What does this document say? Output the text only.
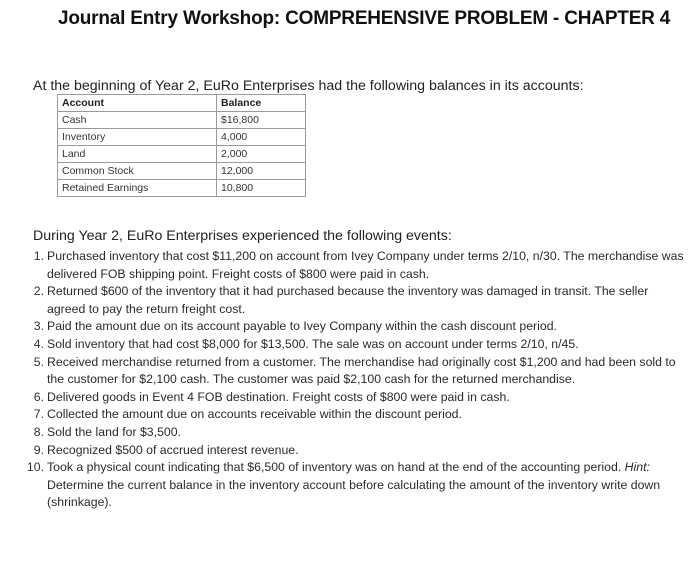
Journal Entry Workshop: COMPREHENSIVE PROBLEM - CHAPTER 4
At the beginning of Year 2, EuRo Enterprises had the following balances in its accounts:
Account	Balance
Cash	$16,800
Inventory	4,000
Land	2,000
Common Stock	12,000
Retained Earnings	10,800
During Year 2, EuRo Enterprises experienced the following events:
1. Purchased inventory that cost $11,200 on account from Ivey Company under terms 2/10, n/30. The merchandise was delivered FOB shipping point. Freight costs of $800 were paid in cash.
2. Returned $600 of the inventory that it had purchased because the inventory was damaged in transit. The seller agreed to pay the return freight cost.
3. Paid the amount due on its account payable to Ivey Company within the cash discount period.
4. Sold inventory that had cost $8,000 for $13,500. The sale was on account under terms 2/10, n/45.
5. Received merchandise returned from a customer. The merchandise had originally cost $1,200 and had been sold to the customer for $2,100 cash. The customer was paid $2,100 cash for the returned merchandise.
6. Delivered goods in Event 4 FOB destination. Freight costs of $800 were paid in cash.
7. Collected the amount due on accounts receivable within the discount period.
8. Sold the land for $3,500.
9. Recognized $500 of accrued interest revenue.
10. Took a physical count indicating that $6,500 of inventory was on hand at the end of the accounting period. Hint: Determine the current balance in the inventory account before calculating the amount of the inventory write down (shrinkage).
